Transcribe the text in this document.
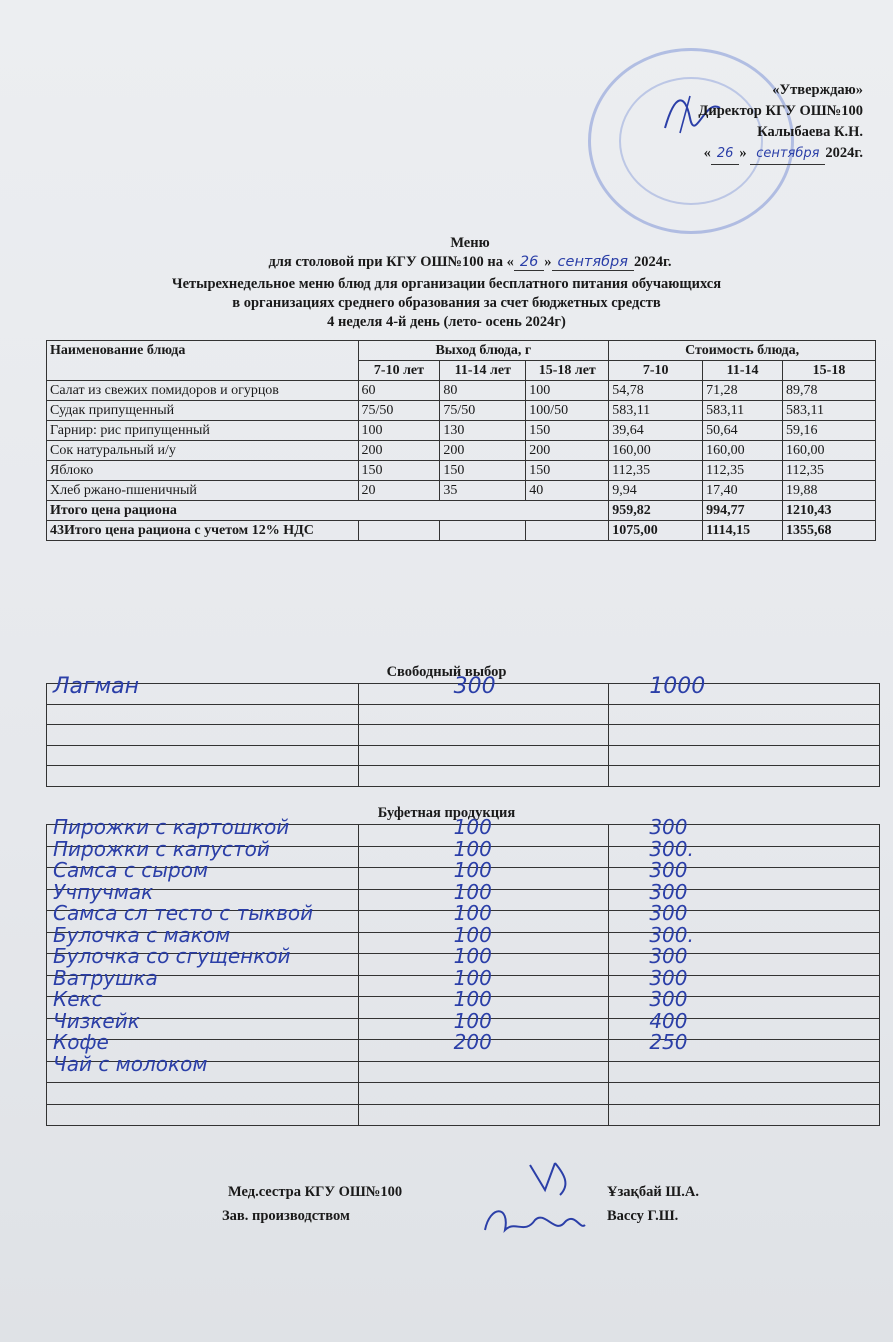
«Утверждаю»
Директор КГУ ОШ№100
Калыбаева К.Н.
« 26 » сентября 2024г.
Меню
для столовой при КГУ ОШ№100 на « 26 » сентября 2024г.
Четырехнедельное меню блюд для организации бесплатного питания обучающихся
в организациях среднего образования за счет бюджетных средств
4 неделя 4-й день (лето- осень 2024г)
Наименование блюда	Выход блюда, г			Стоимость блюда,		
	7-10 лет	11-14 лет	15-18 лет	7-10	11-14	15-18
Салат из свежих помидоров и огурцов	60	80	100	54,78	71,28	89,78
Судак припущенный	75/50	75/50	100/50	583,11	583,11	583,11
Гарнир: рис припущенный	100	130	150	39,64	50,64	59,16
Сок натуральный и/у	200	200	200	160,00	160,00	160,00
Яблоко	150	150	150	112,35	112,35	112,35
Хлеб ржано-пшеничный	20	35	40	9,94	17,40	19,88
Итого цена рациона				959,82	994,77	1210,43
43Итого цена рациона с учетом 12% НДС				1075,00	1114,15	1355,68
Свободный выбор
Лагман	300	1000

Буфетная продукция
Пирожки с картошкой	100	300

Пирожки с капустой	100	300.

Самса с сыром	100	300

Учпучмак	100	300

Самса сл тесто с тыквой	100	300

Булочка с маком	100	300.

Булочка со сгущенкой	100	300

Ватрушка	100	300

Кекс	100	300

Чизкейк	100	400

Кофе	200	250

Чай с молоком		

Мед.сестра КГУ ОШ№100	Ұзақбай Ш.А.
Зав. производством	Вассу Г.Ш.
